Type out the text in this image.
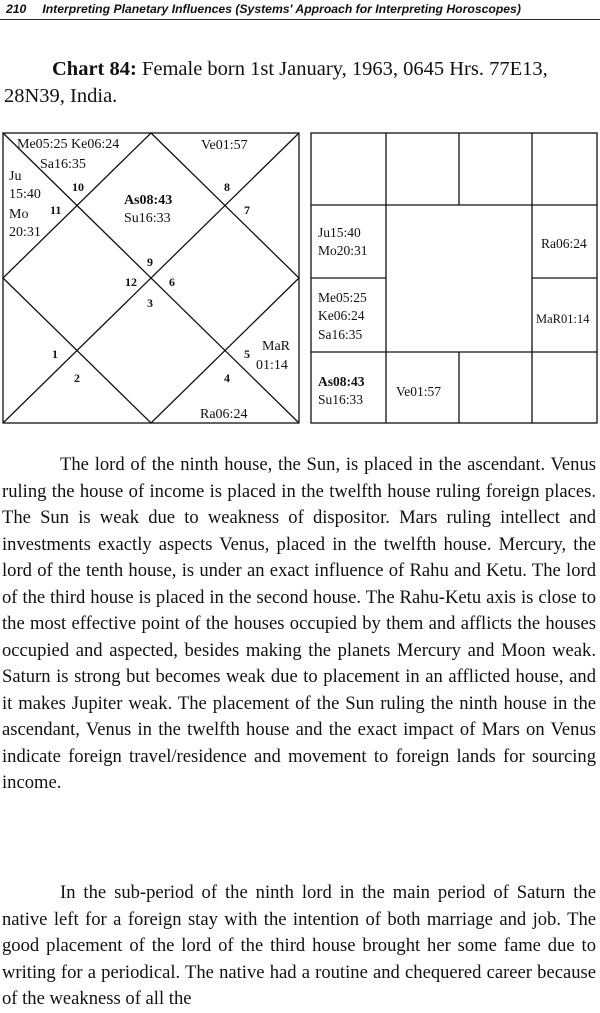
210 Interpreting Planetary Influences (Systems' Approach for Interpreting Horoscopes)
Chart 84: Female born 1st January, 1963, 0645 Hrs. 77E13,
28N39, India.
Me05:25 Ke06:24
Sa16:35
Ju
15:40
Mo
20:31
Ve01:57
As08:43
Su16:33
MaR
01:14
Ra06:24
10
11
8
7
9
12	6
3
1	5
2	4
Ju15:40
Mo20:31	Ra06:24
Me05:25
Ke06:24
Sa16:35
MaR01:14
As08:43
Su16:33
Ve01:57

The lord of the ninth house, the Sun, is placed in the ascendant. Venus ruling the house of income is placed in the twelfth house ruling foreign places. The Sun is weak due to weakness of dispositor. Mars ruling intellect and investments exactly aspects Venus, placed in the twelfth house. Mercury, the lord of the tenth house, is under an exact influence of Rahu and Ketu. The lord of the third house is placed in the second house. The Rahu-Ketu axis is close to the most effective point of the houses occupied by them and afflicts the houses occupied and aspected, besides making the planets Mercury and Moon weak. Saturn is strong but becomes weak due to placement in an afflicted house, and it makes Jupiter weak. The placement of the Sun ruling the ninth house in the ascendant, Venus in the twelfth house and the exact impact of Mars on Venus indicate foreign travel/residence and movement to foreign lands for sourcing income.

In the sub-period of the ninth lord in the main period of Saturn the native left for a foreign stay with the intention of both marriage and job. The good placement of the lord of the third house brought her some fame due to writing for a periodical. The native had a routine and chequered career because of the weakness of all the
